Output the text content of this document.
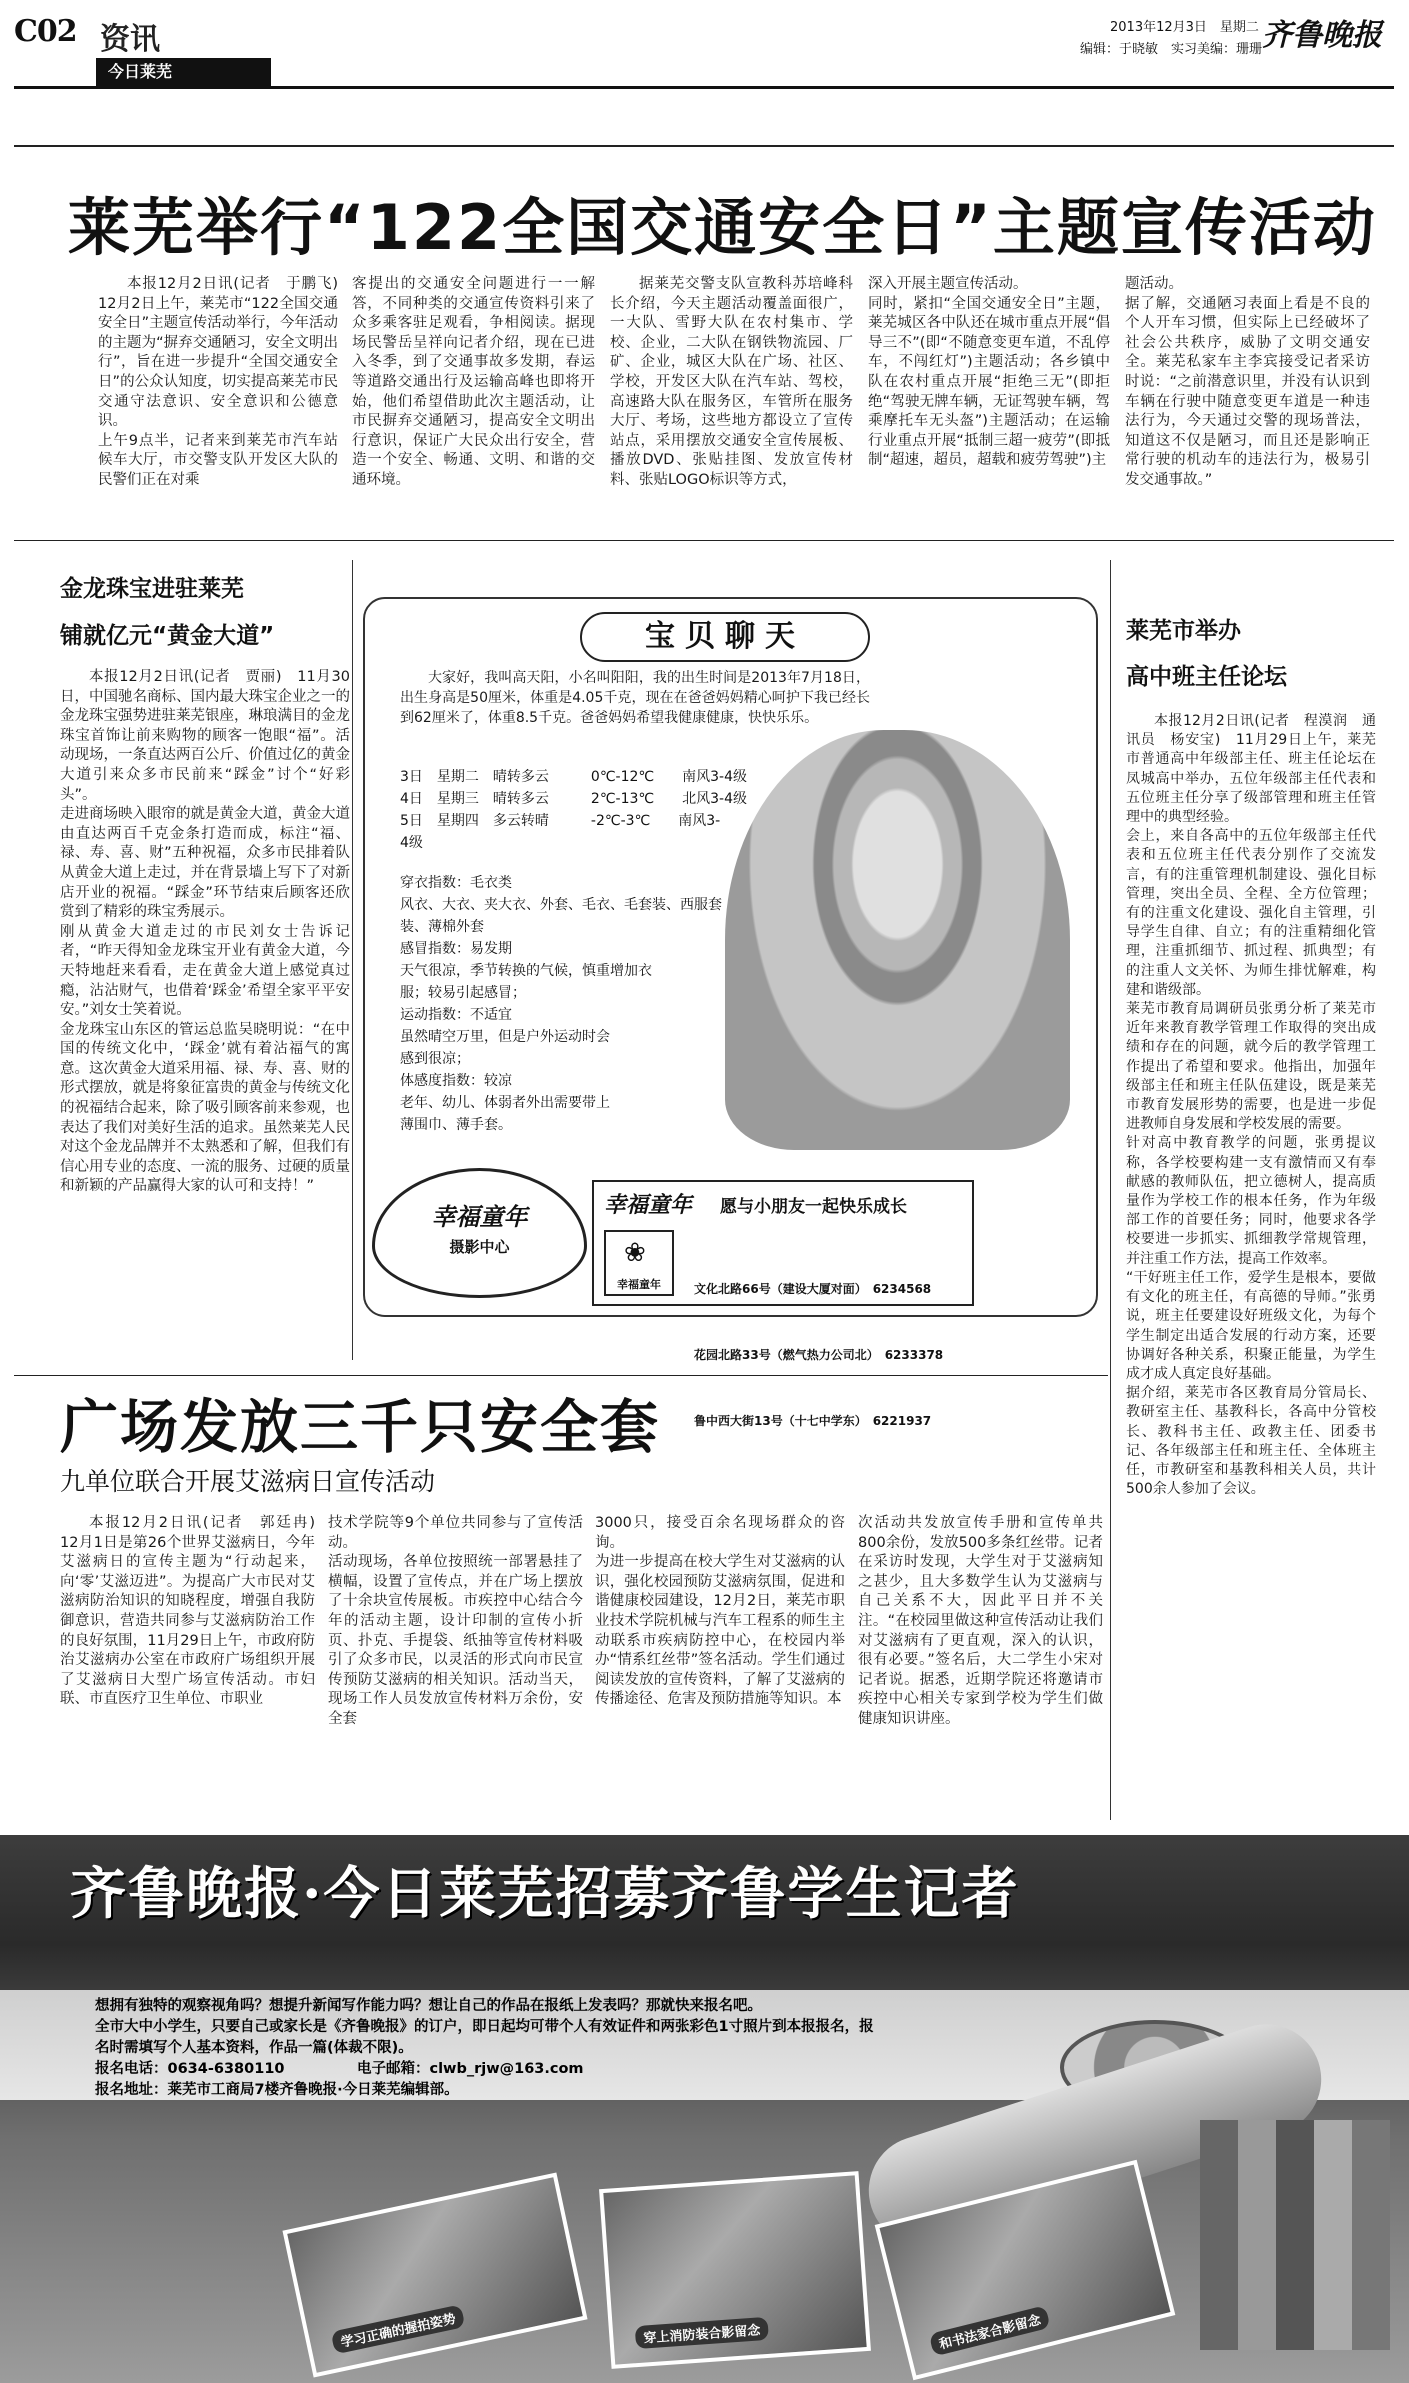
C02 资讯
今日莱芜
2013年12月3日　星期二
编辑：于晓敏　实习美编：珊珊 齐鲁晚报
莱芜举行“122全国交通安全日”主题宣传活动
本报12月2日讯(记者　于鹏飞)　12月2日上午，莱芜市“122全国交通安全日”主题宣传活动举行，今年活动的主题为“摒弃交通陋习，安全文明出行”，旨在进一步提升“全国交通安全日”的公众认知度，切实提高莱芜市民交通守法意识、安全意识和公德意识。
上午9点半，记者来到莱芜市汽车站候车大厅，市交警支队开发区大队的民警们正在对乘
客提出的交通安全问题进行一一解答，不同种类的交通宣传资料引来了众多乘客驻足观看，争相阅读。据现场民警岳呈祥向记者介绍，现在已进入冬季，到了交通事故多发期，春运等道路交通出行及运输高峰也即将开始，他们希望借助此次主题活动，让市民摒弃交通陋习，提高安全文明出行意识，保证广大民众出行安全，营造一个安全、畅通、文明、和谐的交通环境。
据莱芜交警支队宣教科苏培峰科长介绍，今天主题活动覆盖面很广，一大队、雪野大队在农村集市、学校、企业，二大队在钢铁物流园、厂矿、企业，城区大队在广场、社区、学校，开发区大队在汽车站、驾校，高速路大队在服务区，车管所在服务大厅、考场，这些地方都设立了宣传站点，采用摆放交通安全宣传展板、播放DVD、张贴挂图、发放宣传材料、张贴LOGO标识等方式，
深入开展主题宣传活动。
同时，紧扣“全国交通安全日”主题，莱芜城区各中队还在城市重点开展“倡导三不”(即“不随意变更车道，不乱停车，不闯红灯”)主题活动；各乡镇中队在农村重点开展“拒绝三无”(即拒绝“驾驶无牌车辆，无证驾驶车辆，驾乘摩托车无头盔”)主题活动；在运输行业重点开展“抵制三超一疲劳”(即抵制“超速，超员，超载和疲劳驾驶”)主
题活动。
据了解，交通陋习表面上看是不良的个人开车习惯，但实际上已经破坏了社会公共秩序，威胁了文明交通安全。莱芜私家车主李宾接受记者采访时说：“之前潜意识里，并没有认识到车辆在行驶中随意变更车道是一种违法行为，今天通过交警的现场普法，知道这不仅是陋习，而且还是影响正常行驶的机动车的违法行为，极易引发交通事故。”
金龙珠宝进驻莱芜
铺就亿元“黄金大道”
本报12月2日讯(记者　贾丽)　11月30日，中国驰名商标、国内最大珠宝企业之一的金龙珠宝强势进驻莱芜银座，琳琅满目的金龙珠宝首饰让前来购物的顾客一饱眼“福”。活动现场，一条直达两百公斤、价值过亿的黄金大道引来众多市民前来“踩金”讨个“好彩头”。
走进商场映入眼帘的就是黄金大道，黄金大道由直达两百千克金条打造而成，标注“福、禄、寿、喜、财”五种祝福，众多市民排着队从黄金大道上走过，并在背景墙上写下了对新店开业的祝福。“踩金”环节结束后顾客还欣赏到了精彩的珠宝秀展示。
刚从黄金大道走过的市民刘女士告诉记者，“昨天得知金龙珠宝开业有黄金大道，今天特地赶来看看，走在黄金大道上感觉真过瘾，沾沾财气，也借着‘踩金’希望全家平平安安。”刘女士笑着说。
金龙珠宝山东区的管运总监吴晓明说：“在中国的传统文化中，‘踩金’就有着沾福气的寓意。这次黄金大道采用福、禄、寿、喜、财的形式摆放，就是将象征富贵的黄金与传统文化的祝福结合起来，除了吸引顾客前来参观，也表达了我们对美好生活的追求。虽然莱芜人民对这个金龙品牌并不太熟悉和了解，但我们有信心用专业的态度、一流的服务、过硬的质量和新颖的产品赢得大家的认可和支持！”
宝贝聊天
大家好，我叫高天阳，小名叫阳阳，我的出生时间是2013年7月18日，出生身高是50厘米，体重是4.05千克，现在在爸爸妈妈精心呵护下我已经长到62厘米了，体重8.5千克。爸爸妈妈希望我健康健康，快快乐乐。
3日　星期二　晴转多云　　　0℃-12℃　　南风3-4级
4日　星期三　晴转多云　　　2℃-13℃　　北风3-4级
5日　星期四　多云转晴　　　-2℃-3℃　　南风3-
4级
穿衣指数：毛衣类
风衣、大衣、夹大衣、外套、毛衣、毛套装、西服套
装、薄棉外套
感冒指数：易发期
天气很凉，季节转换的气候，慎重增加衣
服；较易引起感冒；
运动指数：不适宜
虽然晴空万里，但是户外运动时会
感到很凉；
体感度指数：较凉
老年、幼儿、体弱者外出需要带上
薄围巾、薄手套。
幸福童年
摄影中心
幸福童年 愿与小朋友一起快乐成长
❀
幸福童年

	文化北路66号（建设大厦对面）　6234568

花园北路33号（燃气热力公司北）　6233378

鲁中西大街13号（十七中学东）　6221937

莱芜市举办
高中班主任论坛
本报12月2日讯(记者　程漠润　通讯员　杨安宝)　11月29日上午，莱芜市普通高中年级部主任、班主任论坛在凤城高中举办，五位年级部主任代表和五位班主任分享了级部管理和班主任管理中的典型经验。
会上，来自各高中的五位年级部主任代表和五位班主任代表分别作了交流发言，有的注重管理机制建设、强化目标管理，突出全员、全程、全方位管理；有的注重文化建设、强化自主管理，引导学生自律、自立；有的注重精细化管理，注重抓细节、抓过程、抓典型；有的注重人文关怀、为师生排忧解难，构建和谐级部。
莱芜市教育局调研员张勇分析了莱芜市近年来教育教学管理工作取得的突出成绩和存在的问题，就今后的教学管理工作提出了希望和要求。他指出，加强年级部主任和班主任队伍建设，既是莱芜市教育发展形势的需要，也是进一步促进教师自身发展和学校发展的需要。
针对高中教育教学的问题，张勇提议称，各学校要构建一支有激情而又有奉献感的教师队伍，把立德树人，提高质量作为学校工作的根本任务，作为年级部工作的首要任务；同时，他要求各学校要进一步抓实、抓细教学常规管理，并注重工作方法，提高工作效率。
“干好班主任工作，爱学生是根本，要做有文化的班主任，有高德的导师。”张勇说，班主任要建设好班级文化，为每个学生制定出适合发展的行动方案，还要协调好各种关系，积聚正能量，为学生成才成人真定良好基础。
据介绍，莱芜市各区教育局分管局长、教研室主任、基教科长，各高中分管校长、教科书主任、政教主任、团委书记、各年级部主任和班主任、全体班主任，市教研室和基教科相关人员，共计500余人参加了会议。
广场发放三千只安全套
九单位联合开展艾滋病日宣传活动
本报12月2日讯(记者　郭廷冉)　12月1日是第26个世界艾滋病日，今年艾滋病日的宣传主题为“行动起来，向‘零’艾滋迈进”。为提高广大市民对艾滋病防治知识的知晓程度，增强自我防御意识，营造共同参与艾滋病防治工作的良好氛围，11月29日上午，市政府防治艾滋病办公室在市政府广场组织开展了艾滋病日大型广场宣传活动。市妇联、市直医疗卫生单位、市职业
技术学院等9个单位共同参与了宣传活动。
活动现场，各单位按照统一部署悬挂了横幅，设置了宣传点，并在广场上摆放了十余块宣传展板。市疾控中心结合今年的活动主题，设计印制的宣传小折页、扑克、手提袋、纸抽等宣传材料吸引了众多市民，以灵活的形式向市民宣传预防艾滋病的相关知识。活动当天，现场工作人员发放宣传材料万余份，安全套
3000只，接受百余名现场群众的咨询。
为进一步提高在校大学生对艾滋病的认识，强化校园预防艾滋病氛围，促进和谐健康校园建设，12月2日，莱芜市职业技术学院机械与汽车工程系的师生主动联系市疾病防控中心，在校园内举办“情系红丝带”签名活动。学生们通过阅读发放的宣传资料，了解了艾滋病的传播途径、危害及预防措施等知识。本
次活动共发放宣传手册和宣传单共800余份，发放500多条红丝带。记者在采访时发现，大学生对于艾滋病知之甚少，且大多数学生认为艾滋病与自己关系不大，因此平日并不关注。“在校园里做这种宣传活动让我们对艾滋病有了更直观，深入的认识，很有必要。”签名后，大二学生小宋对记者说。据悉，近期学院还将邀请市疾控中心相关专家到学校为学生们做健康知识讲座。
齐鲁晚报·今日莱芜招募齐鲁学生记者
想拥有独特的观察视角吗？想提升新闻写作能力吗？想让自己的作品在报纸上发表吗？那就快来报名吧。
全市大中小学生，只要自己或家长是《齐鲁晚报》的订户，即日起均可带个人有效证件和两张彩色1寸照片到本报报名，报
名时需填写个人基本资料，作品一篇(体裁不限)。
报名电话：0634-6380110　　　　　电子邮箱：clwb_rjw@163.com
报名地址：莱芜市工商局7楼齐鲁晚报·今日莱芜编辑部。
学习正确的握拍姿势	穿上消防装合影留念	和书法家合影留念
